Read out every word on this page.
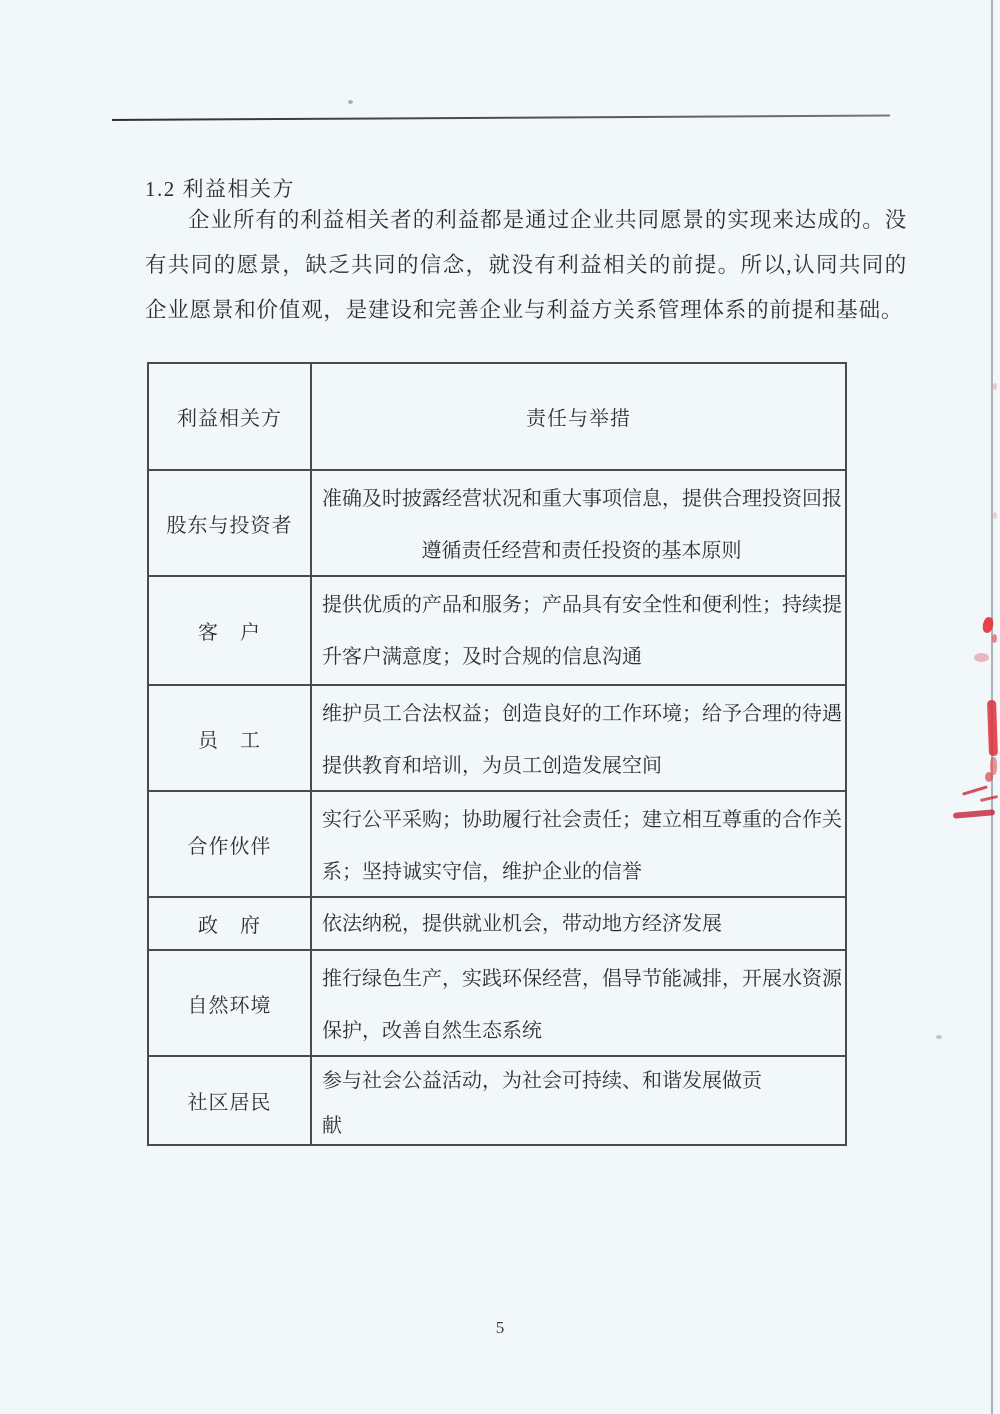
1.2 利益相关方

企业所有的利益相关者的利益都是通过企业共同愿景的实现来达成的。没有共同的愿景，缺乏共同的信念，就没有利益相关的前提。所以,认同共同的企业愿景和价值观，是建设和完善企业与利益方关系管理体系的前提和基础。

利益相关方	责任与举措
股东与投资者
准确及时披露经营状况和重大事项信息，提供合理投资回报
遵循责任经营和责任投资的基本原则
客　户
提供优质的产品和服务；产品具有安全性和便利性；持续提
升客户满意度；及时合规的信息沟通
员　工
维护员工合法权益；创造良好的工作环境；给予合理的待遇
提供教育和培训，为员工创造发展空间
合作伙伴
实行公平采购；协助履行社会责任；建立相互尊重的合作关
系；坚持诚实守信，维护企业的信誉
政　府	依法纳税，提供就业机会，带动地方经济发展
自然环境
推行绿色生产，实践环保经营，倡导节能减排，开展水资源
保护，改善自然生态系统
社区居民
参与社会公益活动，为社会可持续、和谐发展做贡
献
5
